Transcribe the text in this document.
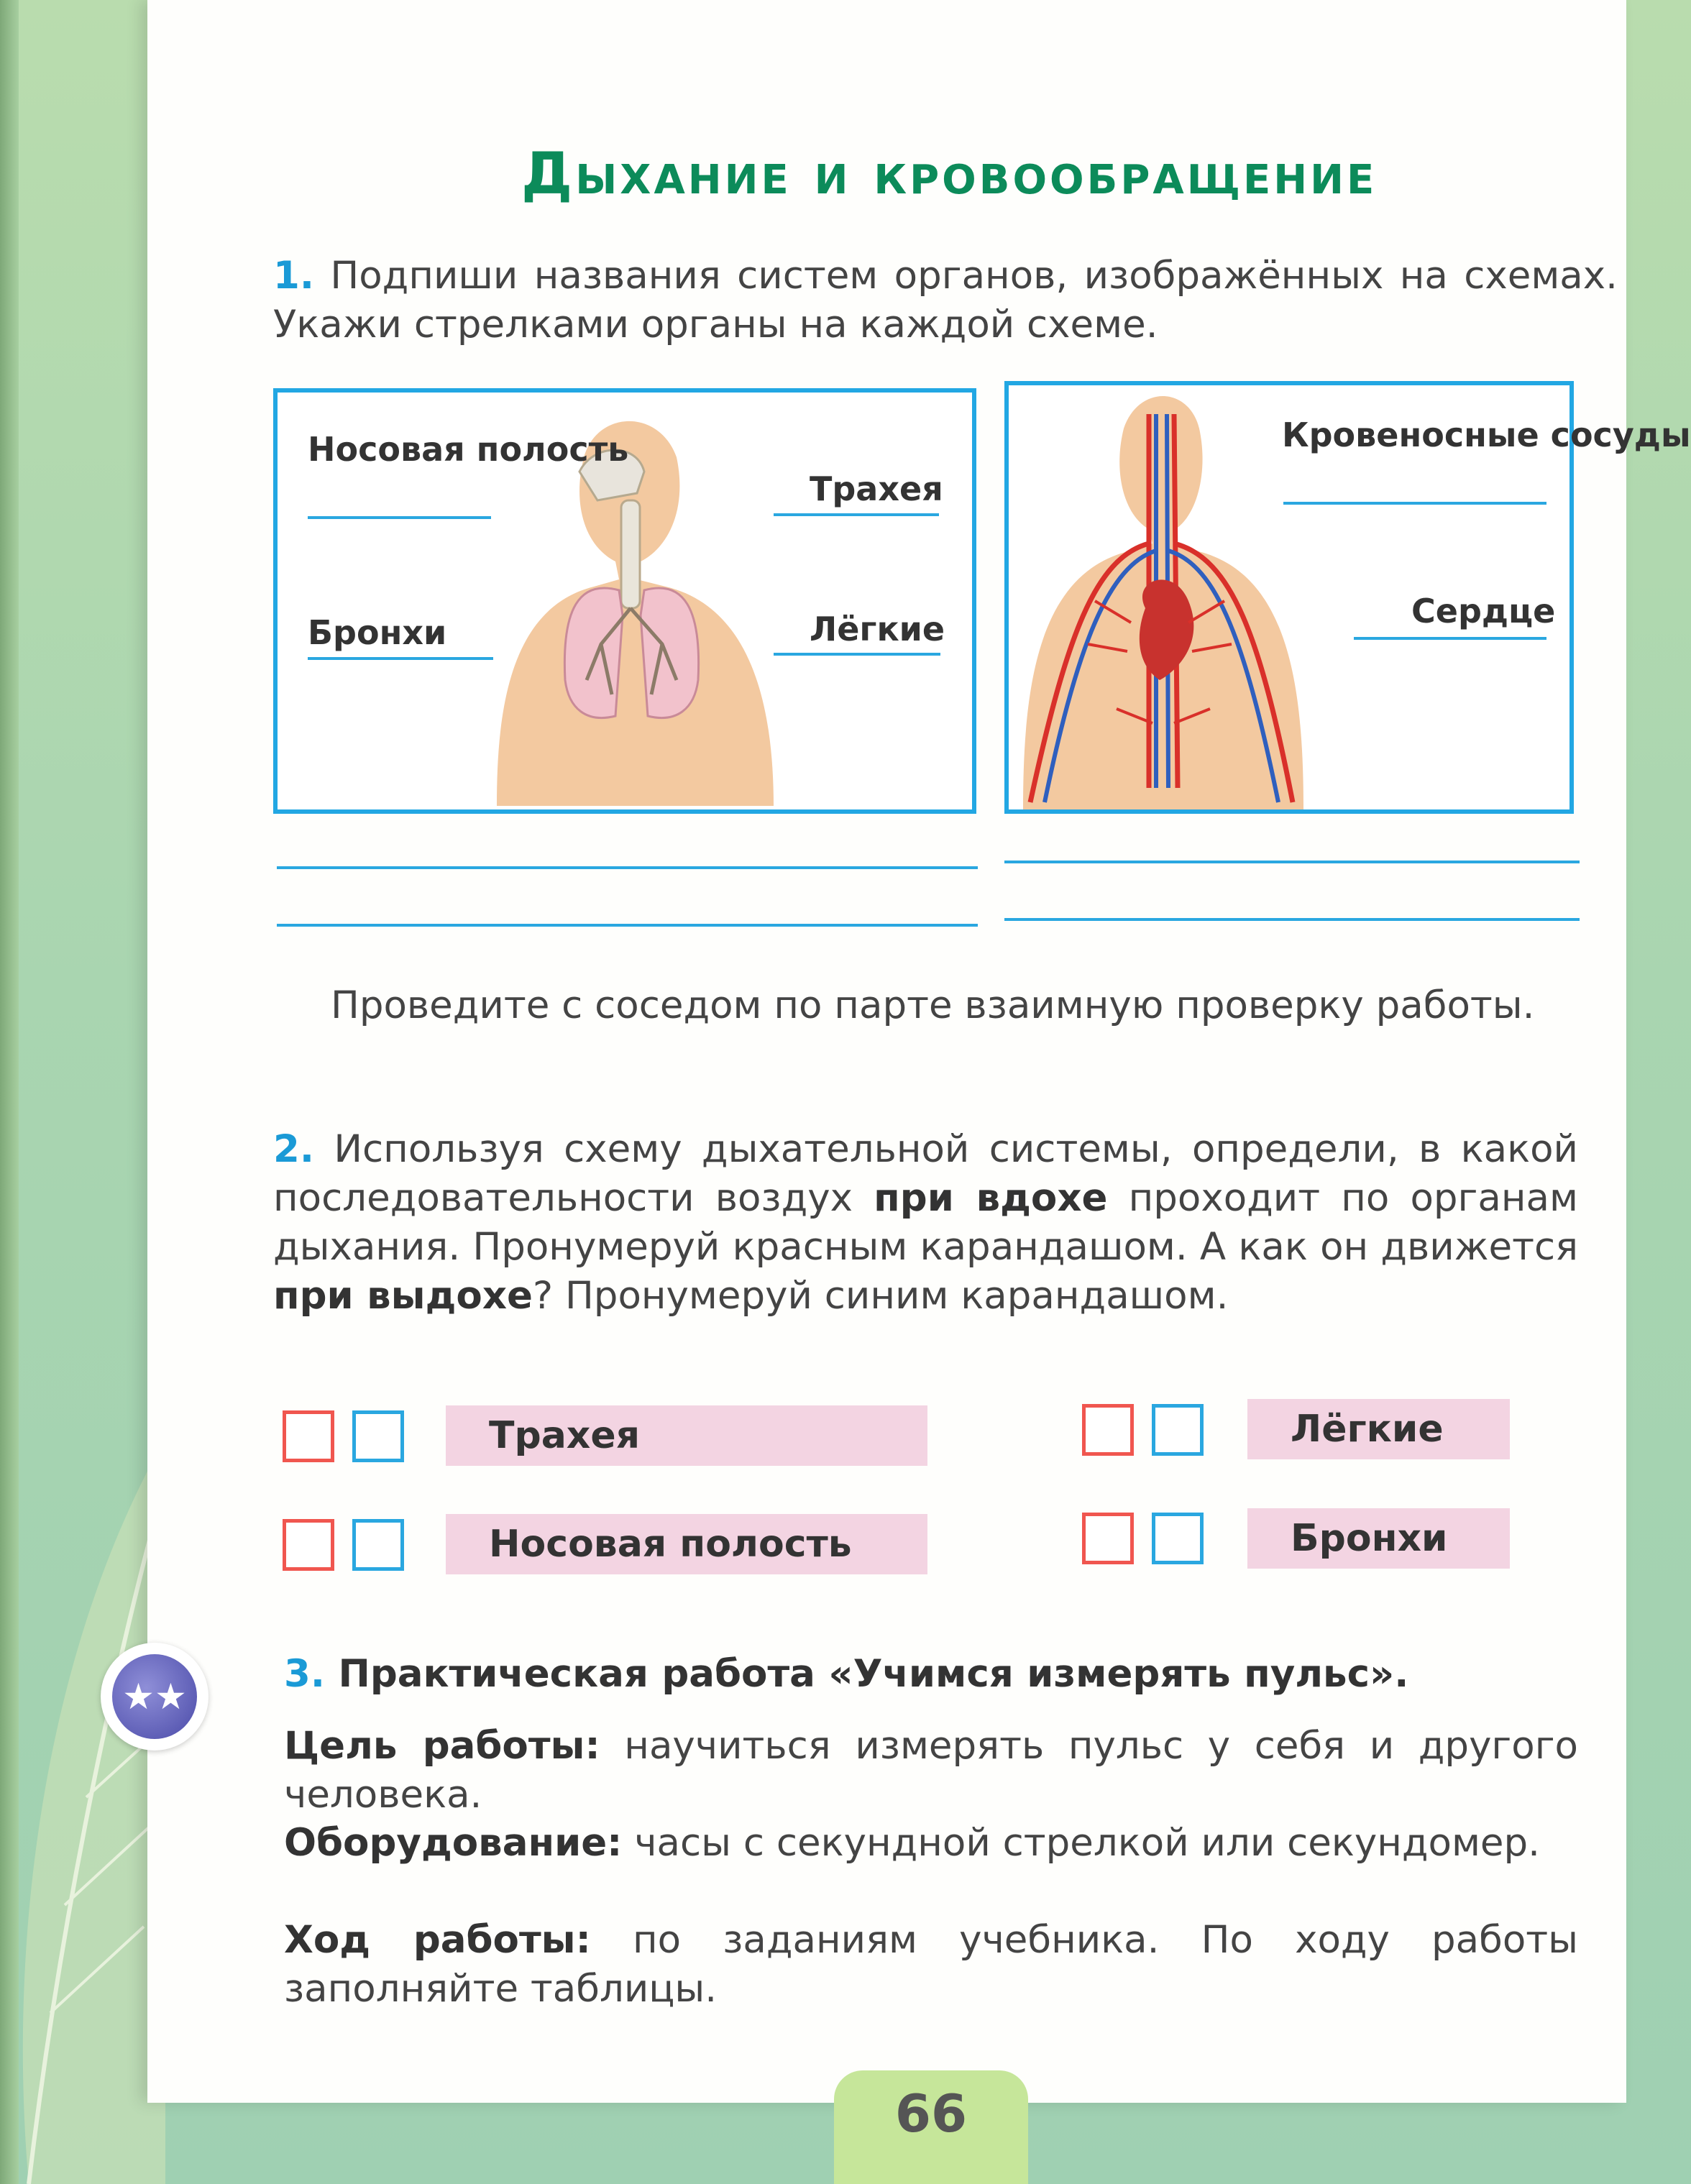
Дыхание и кровообращение
1. Подпиши названия систем органов, изображённых на схемах. Укажи стрелками органы на каждой схеме.
Носовая полость
Трахея
Бронхи	Лёгкие
Кровеносные сосуды
Сердце
Проведите с соседом по парте взаимную проверку работы.
2. Используя схему дыхательной системы, определи, в какой последовательности воздух при вдохе проходит по органам дыхания. Пронумеруй красным карандашом. А как он движется при выдохе? Пронумеруй синим карандашом.
Трахея	Лёгкие
Носовая полость	Бронхи
3. Практическая работа «Учимся измерять пульс».
Цель работы: научиться измерять пульс у себя и другого человека.
Оборудование: часы с секундной стрелкой или секундомер.
Ход работы: по заданиям учебника. По ходу работы заполняйте таблицы.
★★
66
